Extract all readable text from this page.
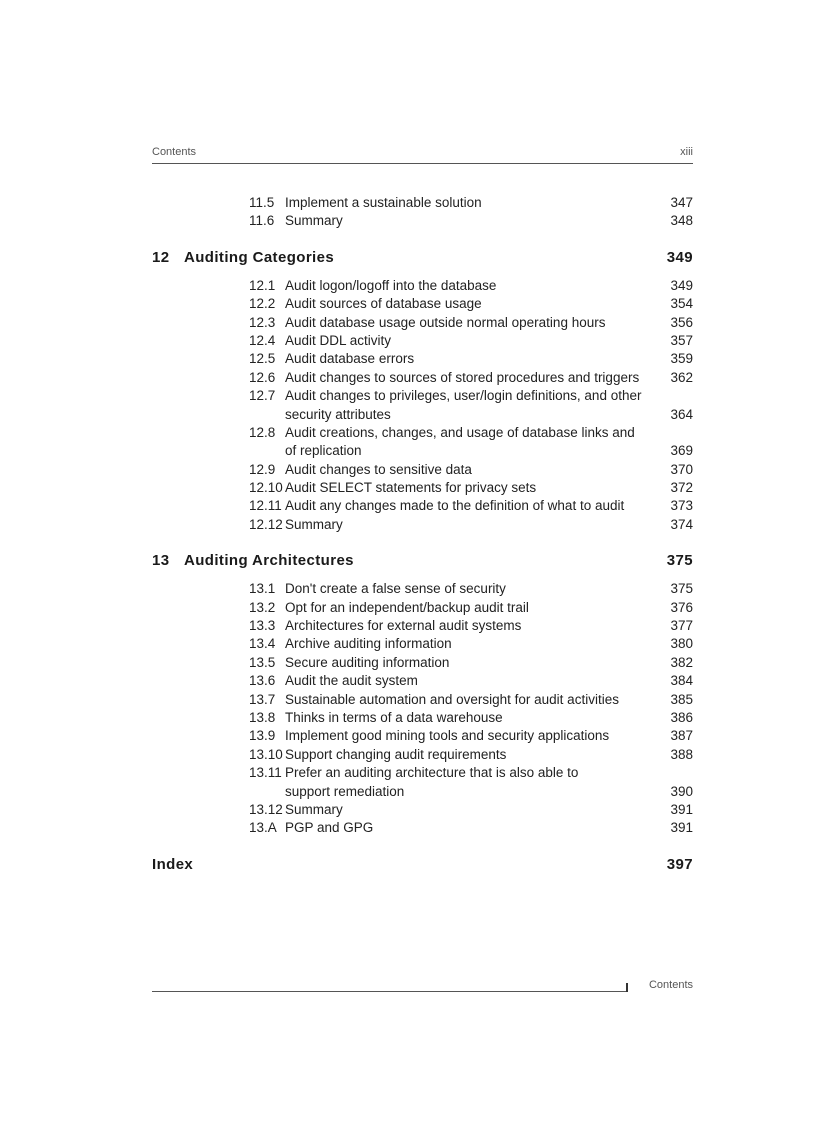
Contents	xiii
11.5 Implement a sustainable solution	347
11.6 Summary	348
12 Auditing Categories	349
12.1 Audit logon/logoff into the database	349
12.2 Audit sources of database usage	354
12.3 Audit database usage outside normal operating hours	356
12.4 Audit DDL activity	357
12.5 Audit database errors	359
12.6 Audit changes to sources of stored procedures and triggers 362
12.7 Audit changes to privileges, user/login definitions, and other
security attributes	364
12.8 Audit creations, changes, and usage of database links and
of replication	369
12.9 Audit changes to sensitive data	370
12.10 Audit SELECT statements for privacy sets	372
12.11 Audit any changes made to the definition of what to audit	373
12.12 Summary	374
13 Auditing Architectures	375
13.1 Don't create a false sense of security	375
13.2 Opt for an independent/backup audit trail	376
13.3 Architectures for external audit systems	377
13.4 Archive auditing information	380
13.5 Secure auditing information	382
13.6 Audit the audit system	384
13.7 Sustainable automation and oversight for audit activities	385
13.8 Thinks in terms of a data warehouse	386
13.9 Implement good mining tools and security applications	387
13.10 Support changing audit requirements	388
13.11 Prefer an auditing architecture that is also able to
support remediation	390
13.12 Summary	391
13.A PGP and GPG	391
Index	397
Contents
